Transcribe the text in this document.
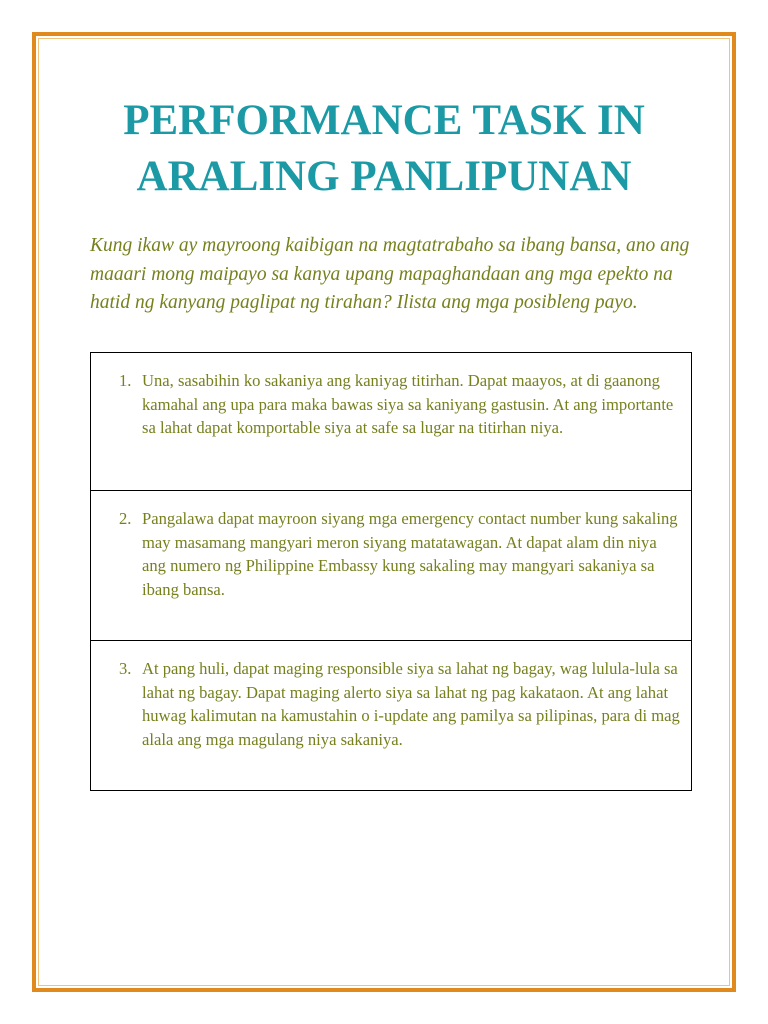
PERFORMANCE TASK IN
ARALING PANLIPUNAN

Kung ikaw ay mayroong kaibigan na magtatrabaho sa ibang bansa, ano ang maaari mong maipayo sa kanya upang mapaghandaan ang mga epekto na hatid ng kanyang paglipat ng tirahan? Ilista ang mga posibleng payo.

1. Una, sasabihin ko sakaniya ang kaniyag titirhan. Dapat maayos, at di gaanong kamahal ang upa para maka bawas siya sa kaniyang gastusin. At ang importante sa lahat dapat komportable siya at safe sa lugar na titirhan niya.

2. Pangalawa dapat mayroon siyang mga emergency contact number kung sakaling may masamang mangyari meron siyang matatawagan. At dapat alam din niya ang numero ng Philippine Embassy kung sakaling may mangyari sakaniya sa ibang bansa.

3. At pang huli, dapat maging responsible siya sa lahat ng bagay, wag lulula-lula sa lahat ng bagay. Dapat maging alerto siya sa lahat ng pag kakataon. At ang lahat huwag kalimutan na kamustahin o i-update ang pamilya sa pilipinas, para di mag alala ang mga magulang niya sakaniya.
